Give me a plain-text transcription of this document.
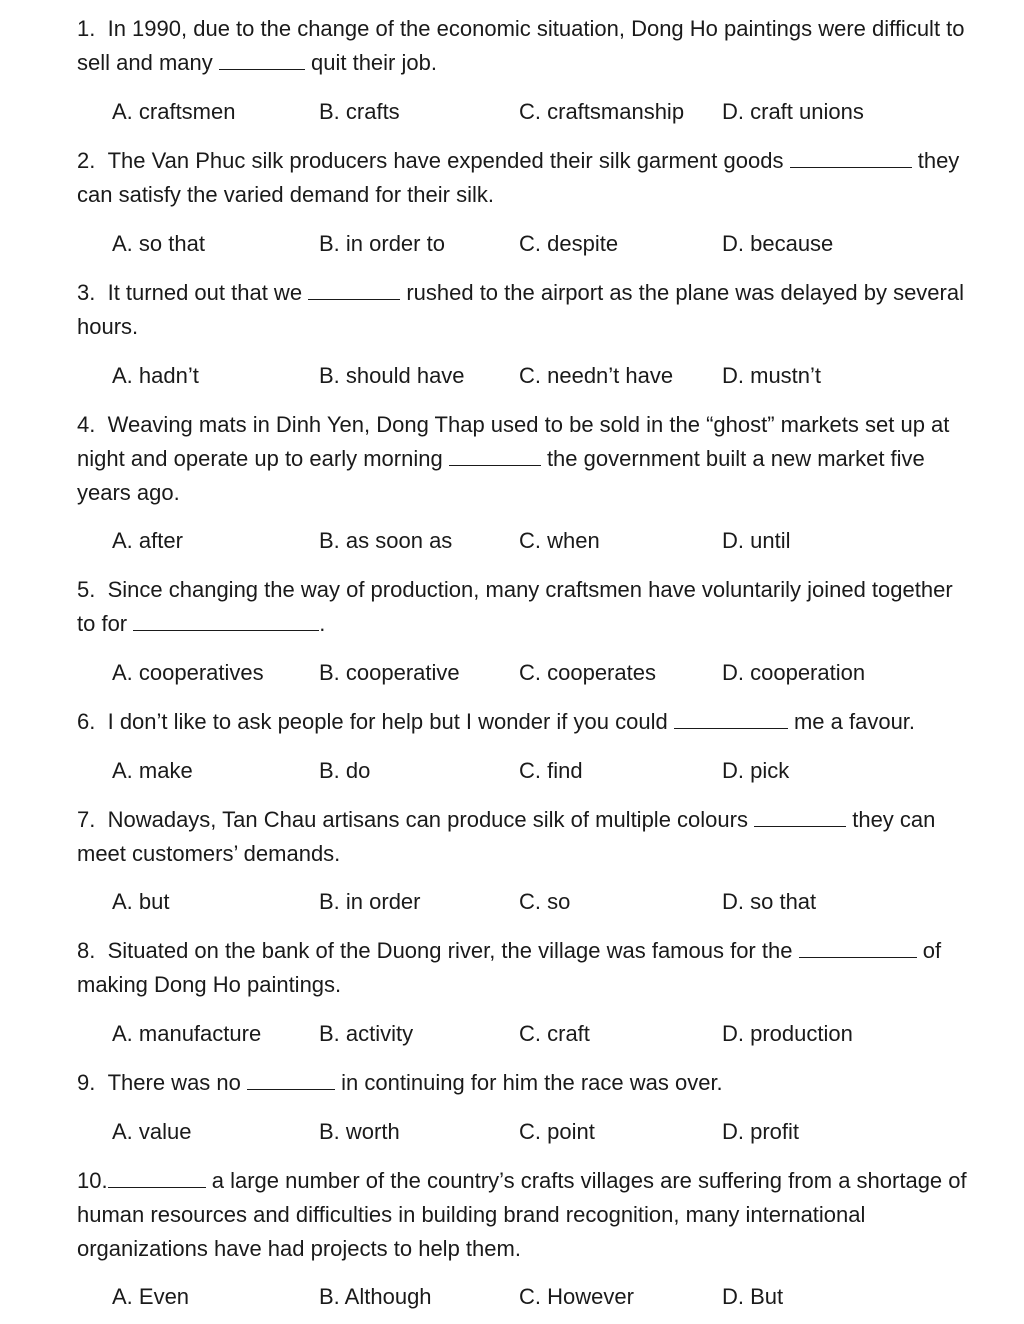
1. In 1990, due to the change of the economic situation, Dong Ho paintings were difficult to sell and many	quit their job.
A. craftsmen	B. crafts	C. craftsmanship D. craft unions
2. The Van Phuc silk producers have expended their silk garment goods	they can satisfy the varied demand for their silk.
A. so that	B. in order to	C. despite	D. because
3. It turned out that we	rushed to the airport as the plane was delayed by several hours.
A. hadn’t	B. should have C. needn’t have D. mustn’t
4. Weaving mats in Dinh Yen, Dong Thap used to be sold in the “ghost” markets set up at night and operate up to early morning	the government built a new market five years ago.
A. after	B. as soon as	C. when	D. until
5. Since changing the way of production, many craftsmen have voluntarily joined together to for	.
A. cooperatives	B. cooperative	C. cooperates	D. cooperation
6. I don’t like to ask people for help but I wonder if you could	me a favour.
A. make	B. do	C. find	D. pick
7. Nowadays, Tan Chau artisans can produce silk of multiple colours	they can meet customers’ demands.
A. but	B. in order	C. so	D. so that
8. Situated on the bank of the Duong river, the village was famous for the	of making Dong Ho paintings.
A. manufacture	B. activity	C. craft	D. production
9. There was no	in continuing for him the race was over.
A. value	B. worth	C. point	D. profit
10.	a large number of the country’s crafts villages are suffering from a shortage of human resources and difficulties in building brand recognition, many international organizations have had projects to help them.
A. Even	B. Although	C. However	D. But
